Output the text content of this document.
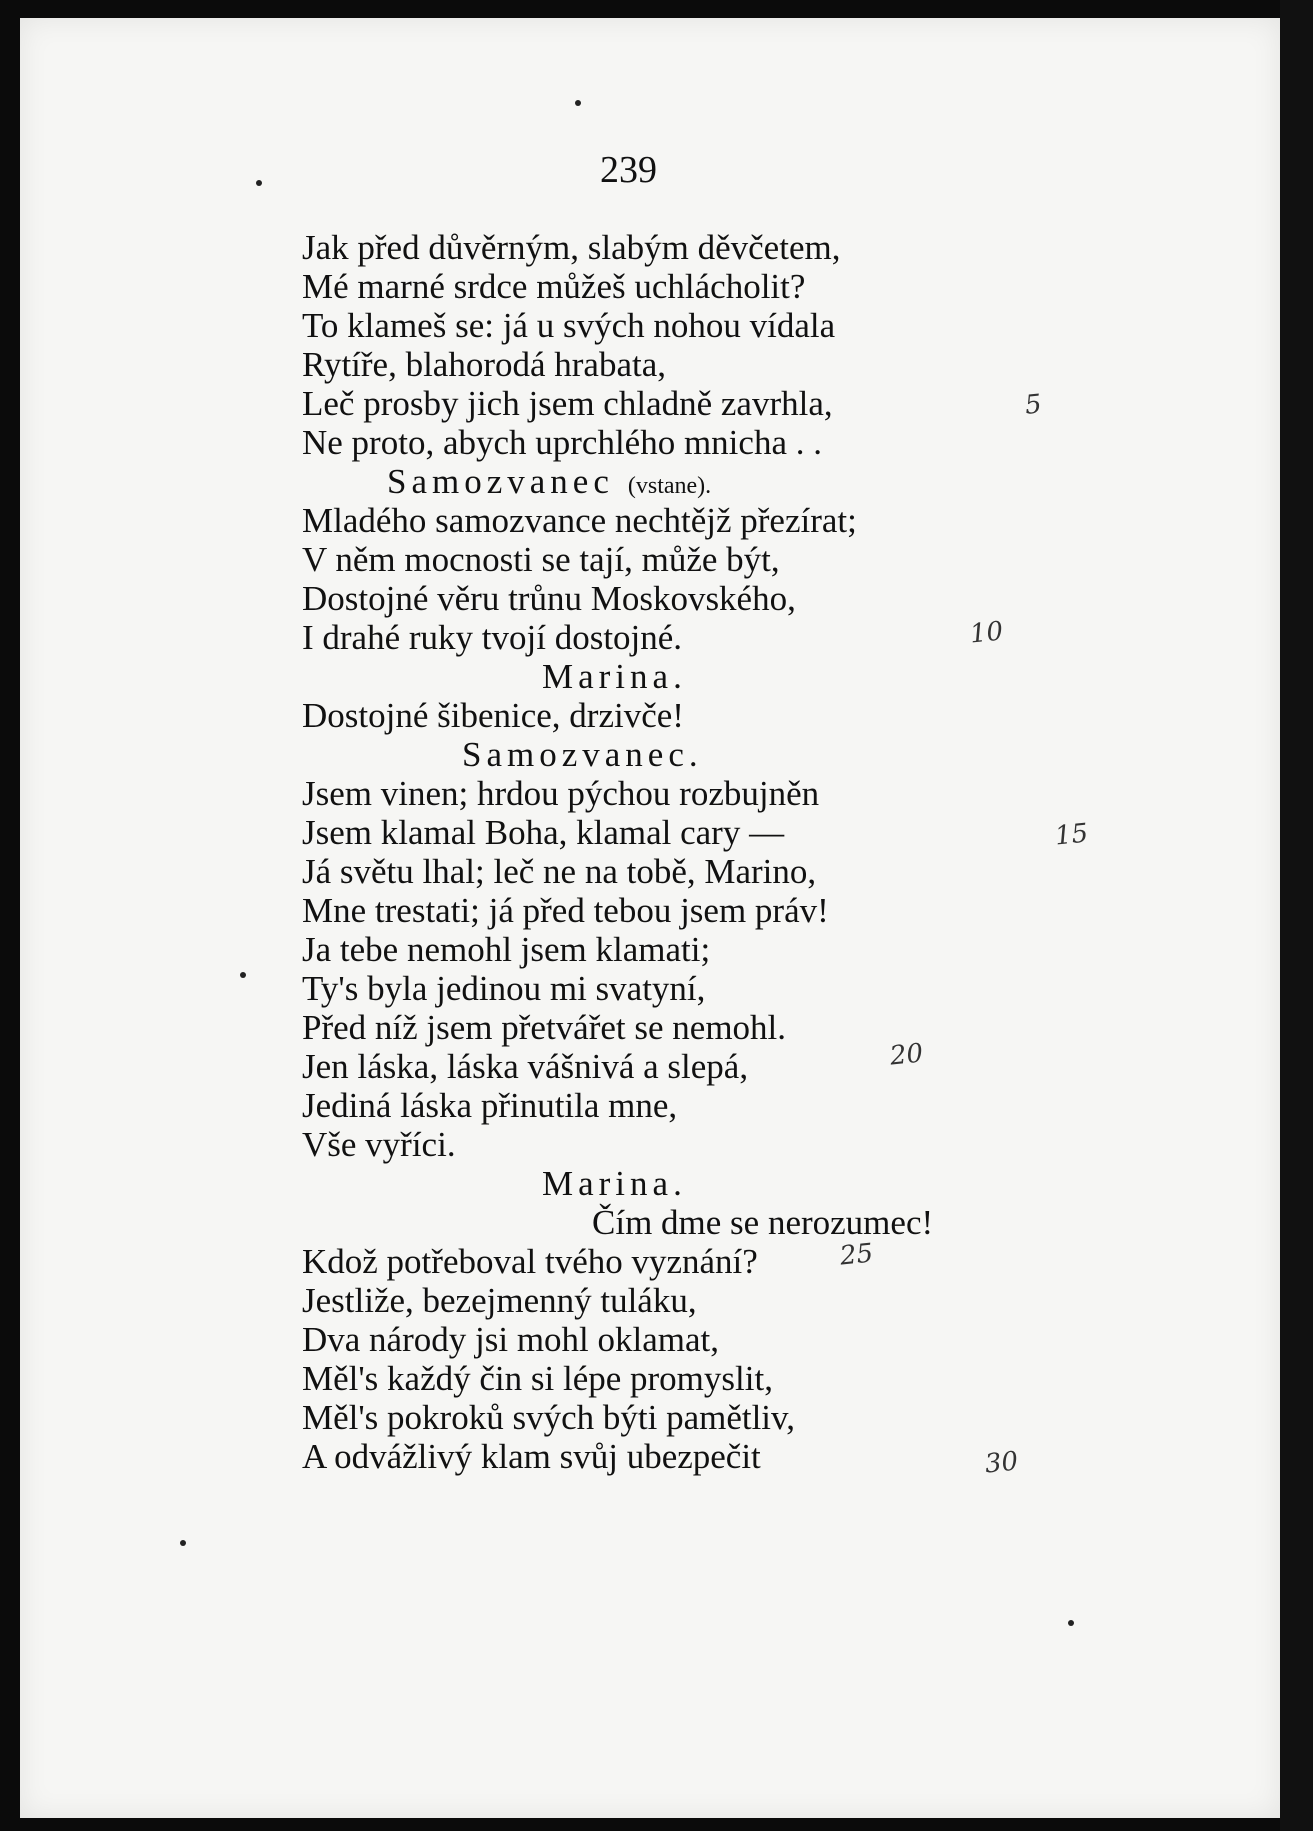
239
Jak před důvěrným, slabým děvčetem,
Mé marné srdce můžeš uchlácholit?
To klameš se: já u svých nohou vídala
Rytíře, blahorodá hrabata,
Leč prosby jich jsem chladně zavrhla,
Ne proto, abych uprchlého mnicha . .
Samozvanec (vstane).
Mladého samozvance nechtějž přezírat;
V něm mocnosti se tají, může být,
Dostojné věru trůnu Moskovského,
I drahé ruky tvojí dostojné.
Marina.
Dostojné šibenice, drzivče!
Samozvanec.
Jsem vinen; hrdou pýchou rozbujněn
Jsem klamal Boha, klamal cary —
Já světu lhal; leč ne na tobě, Marino,
Mne trestati; já před tebou jsem práv!
Ja tebe nemohl jsem klamati;
Ty's byla jedinou mi svatyní,
Před níž jsem přetvářet se nemohl.
Jen láska, láska vášnivá a slepá,
Jediná láska přinutila mne,
Vše vyříci.
Marina.
Čím dme se nerozumec!
Kdož potřeboval tvého vyznání?
Jestliže, bezejmenný tuláku,
Dva národy jsi mohl oklamat,
Měl's každý čin si lépe promyslit,
Měl's pokroků svých býti pamětliv,
A odvážlivý klam svůj ubezpečit
5
10
15
20
25
30
